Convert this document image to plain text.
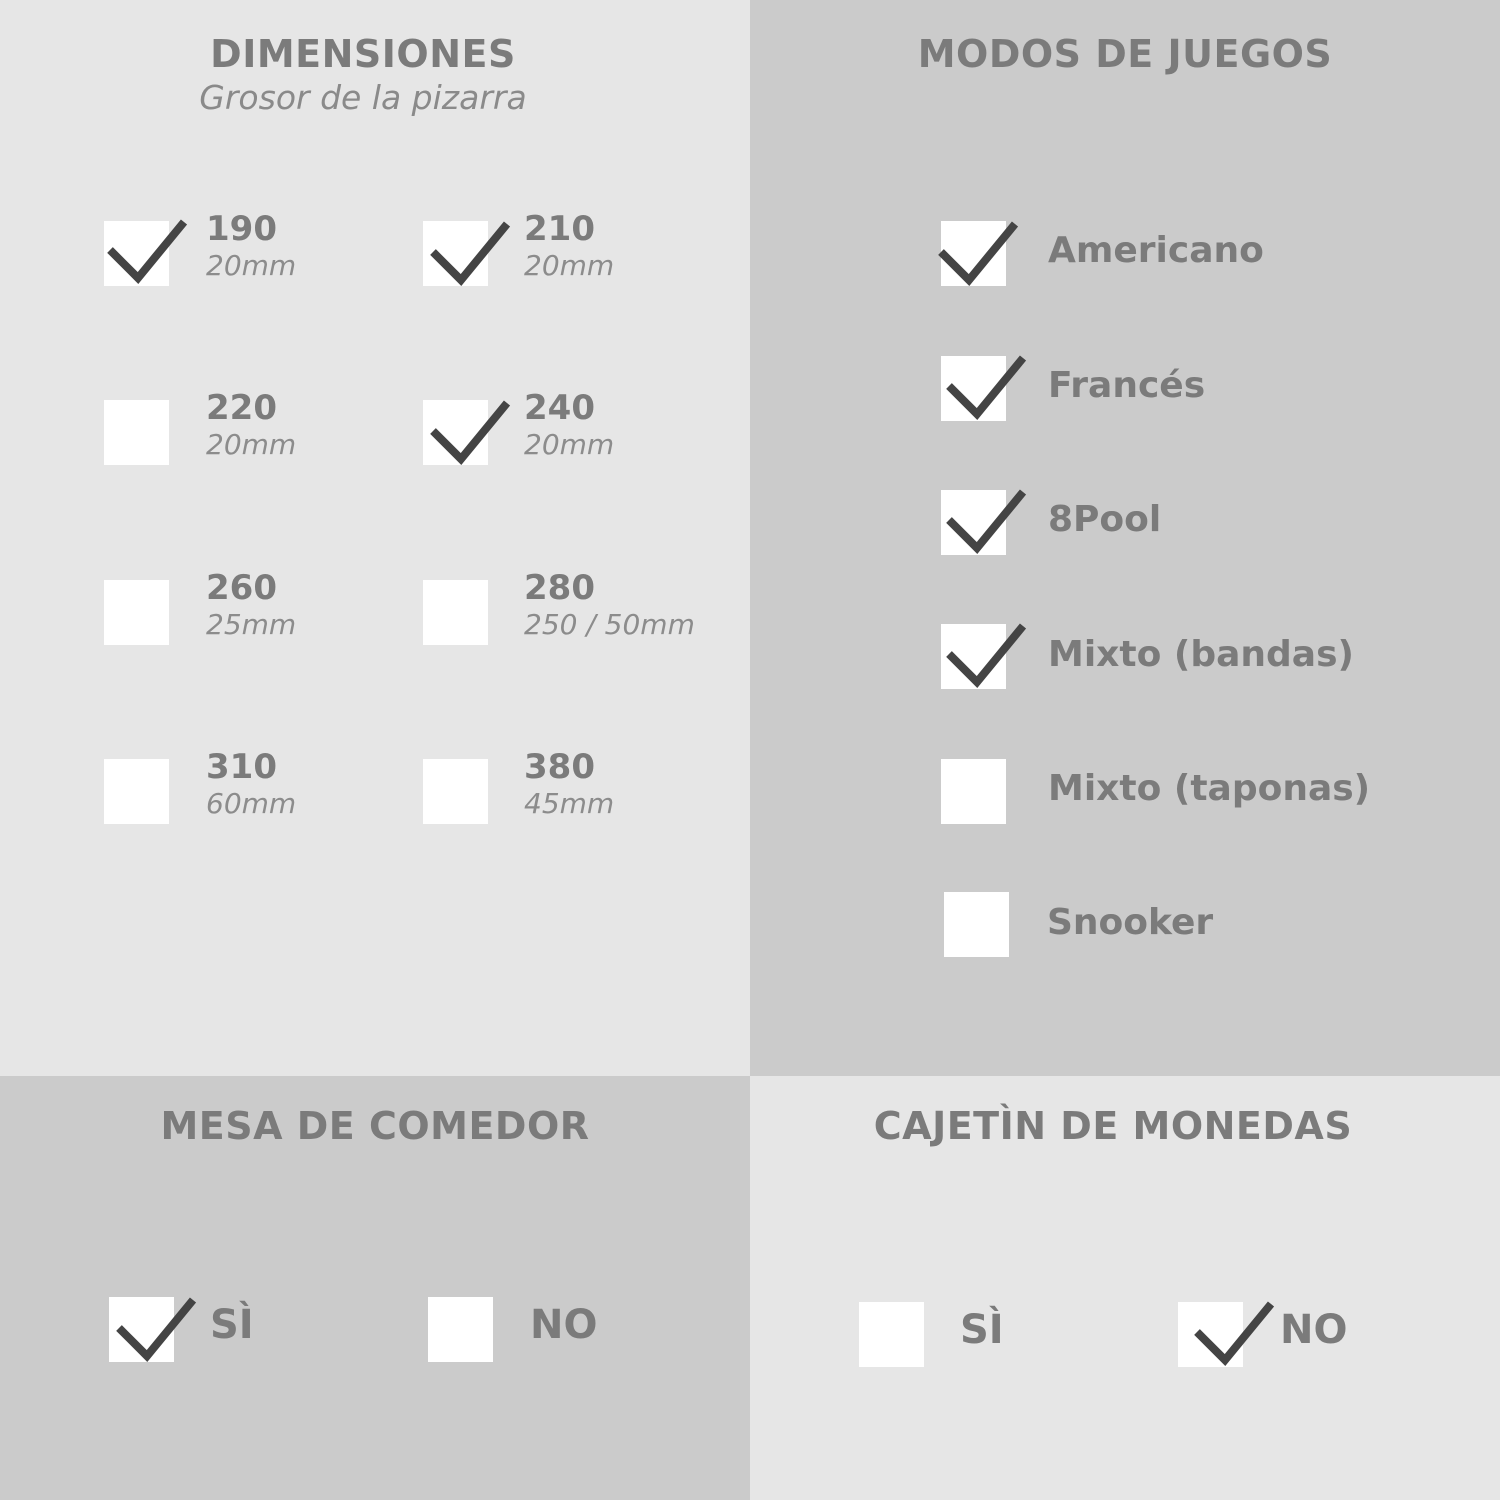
DIMENSIONES

Grosor de la pizarra

190

20mm

210

20mm

220

20mm

240

20mm

260

25mm

280

250 / 50mm

310

60mm

380

45mm

MODOS DE JUEGOS

Americano

Francés

8Pool

Mixto (bandas)

Mixto (taponas)

Snooker

MESA DE COMEDOR

SÌ	NO

CAJETÌN DE MONEDAS

SÌ	NO
